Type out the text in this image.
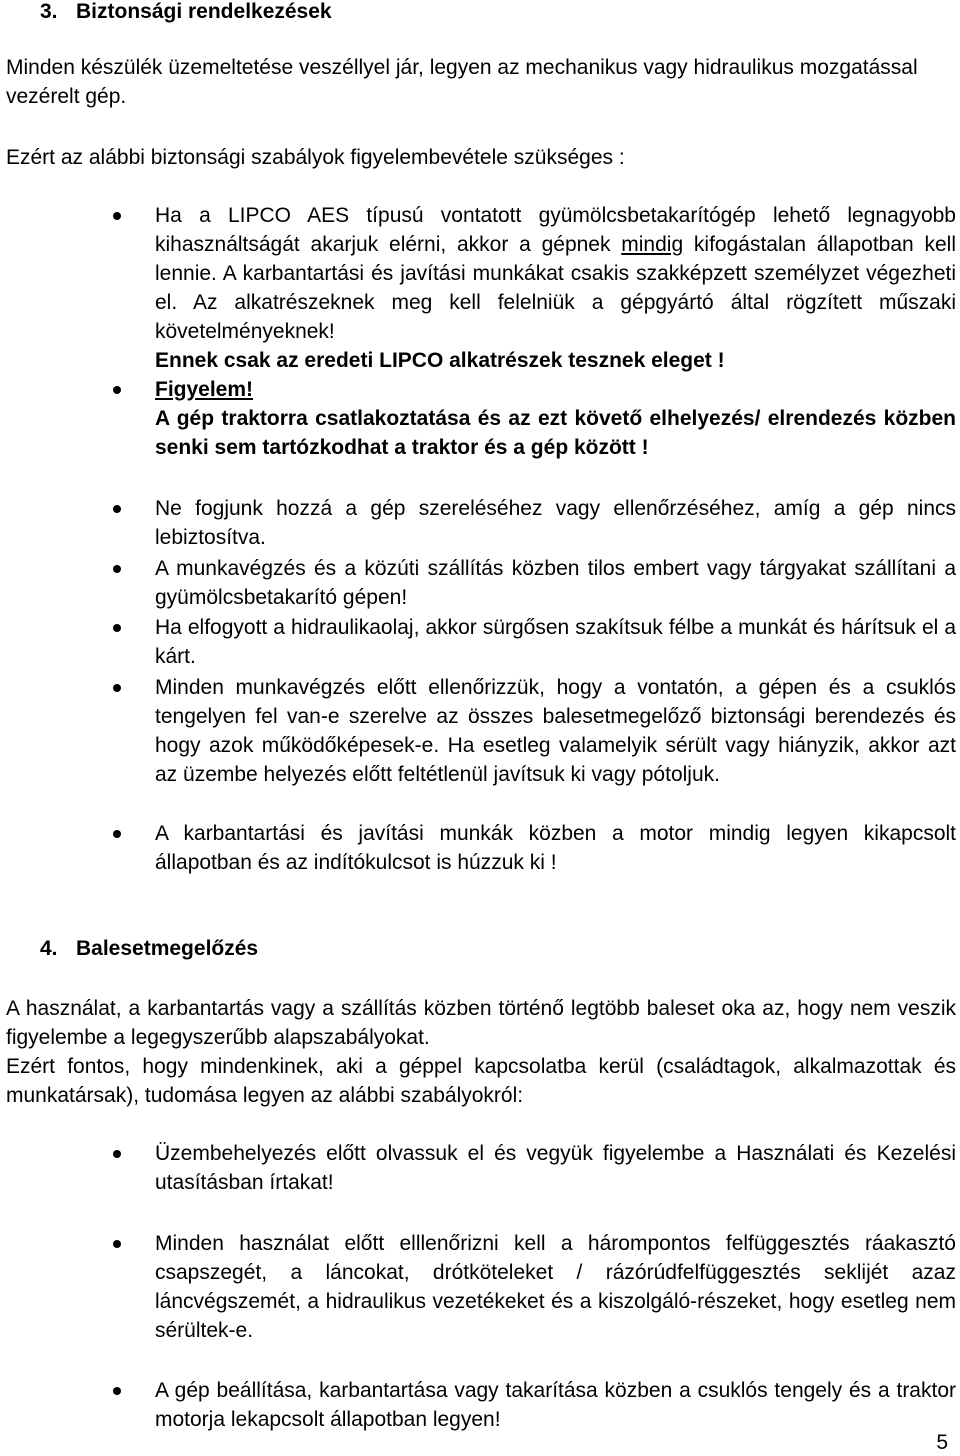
3. Biztonsági rendelkezések

Minden készülék üzemeltetése veszéllyel jár, legyen az mechanikus vagy hidraulikus mozgatással vezérelt gép.

Ezért az alábbi biztonsági szabályok figyelembevétele szükséges :

Ha a LIPCO AES típusú vontatott gyümölcsbetakarítógép lehető legnagyobb kihasználtságát akarjuk elérni, akkor a gépnek mindig kifogástalan állapotban kell lennie. A karbantartási és javítási munkákat csakis szakképzett személyzet végezheti el. Az alkatrészeknek meg kell felelniük a gépgyártó által rögzített műszaki követelményeknek!
Ennek csak az eredeti LIPCO alkatrészek tesznek eleget !
Figyelem!
A gép traktorra csatlakoztatása és az ezt követő elhelyezés/ elrendezés közben senki sem tartózkodhat a traktor és a gép között !
Ne fogjunk hozzá a gép szereléséhez vagy ellenőrzéséhez, amíg a gép nincs lebiztosítva.
A munkavégzés és a közúti szállítás közben tilos embert vagy tárgyakat szállítani a gyümölcsbetakarító gépen!
Ha elfogyott a hidraulikaolaj, akkor sürgősen szakítsuk félbe a munkát és hárítsuk el a kárt.
Minden munkavégzés előtt ellenőrizzük, hogy a vontatón, a gépen és a csuklós tengelyen fel van-e szerelve az összes balesetmegelőző biztonsági berendezés és hogy azok működőképesek-e. Ha esetleg valamelyik sérült vagy hiányzik, akkor azt az üzembe helyezés előtt feltétlenül javítsuk ki vagy pótoljuk.
A karbantartási és javítási munkák közben a motor mindig legyen kikapcsolt állapotban és az indítókulcsot is húzzuk ki !
4. Balesetmegelőzés

A használat, a karbantartás vagy a szállítás közben történő legtöbb baleset oka az, hogy nem veszik figyelembe a legegyszerűbb alapszabályokat.

Ezért fontos, hogy mindenkinek, aki a géppel kapcsolatba kerül (családtagok, alkalmazottak és munkatársak), tudomása legyen az alábbi szabályokról:

Üzembehelyezés előtt olvassuk el és vegyük figyelembe a Használati és Kezelési utasításban írtakat!
Minden használat előtt elllenőrizni kell a hárompontos felfüggesztés ráakasztó csapszegét, a láncokat, drótköteleket / rázórúdfelfüggesztés seklijét azaz láncvégszemét, a hidraulikus vezetékeket és a kiszolgáló-részeket, hogy esetleg nem sérültek-e.
A gép beállítása, karbantartása vagy takarítása közben a csuklós tengely és a traktor motorja lekapcsolt állapotban legyen!
5
